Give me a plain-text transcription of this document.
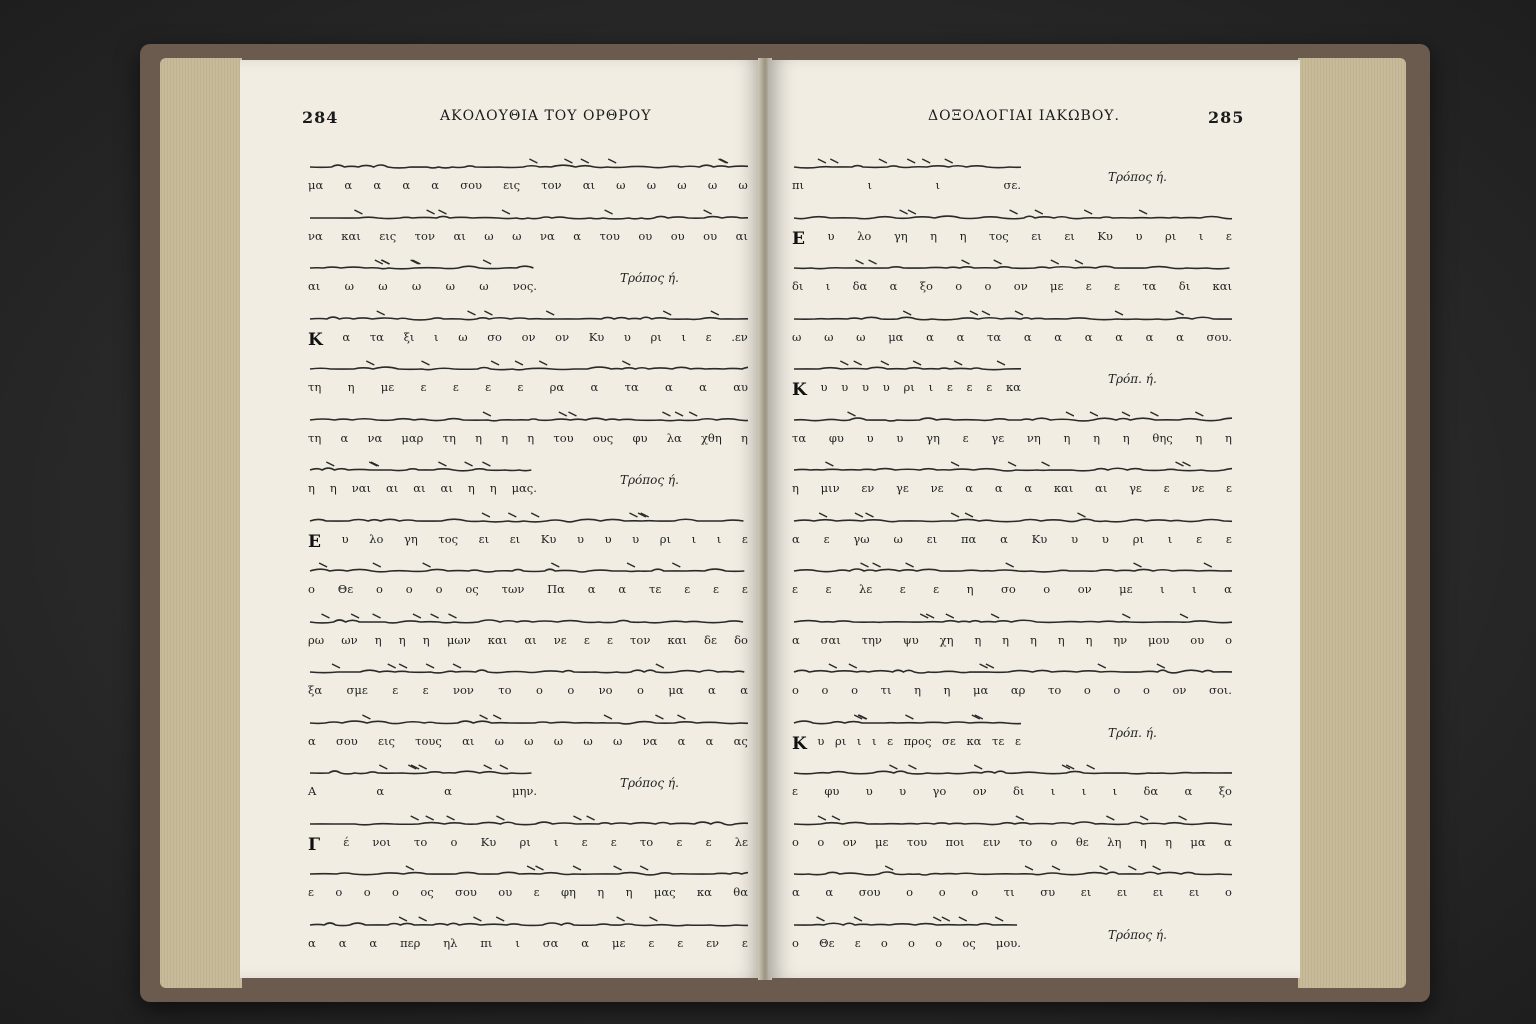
284	ΑΚΟΛΟΥΘΙΑ ΤΟΥ ΟΡΘΡΟΥ
μα α α α α σου εις τον αι ω ω ω ω ω
να και εις τον αι ω ω να α του ου ου ου αι
αι ω ω ω ω ω νος.
Τρόπος ή.
K α τα ξι ι ω σο ον ον Κυ υ ρι ι ε .εν
τη η με ε ε ε ε ρα α τα α α αυ
τη α να μαρ τη η η η του ους φυ λα χθη η
η η ναι αι αι αι η η μας.
Τρόπος ή.
E υ λο γη τος ει ει Κυ υ υ υ ρι ι ι ε
ο Θε ο ο ο ος των Πα α α τε ε ε ε
ρω ων η η η μων και αι νε ε ε τον και δε δο
ξα σμε ε ε νον το ο ο νο ο μα α α
α σου εις τους αι ω ω ω ω ω να α α ας
Α	α	α	μην.
Τρόπος ή.
Γ έ νοι το ο Κυ ρι ι ε ε το ε ε λε
ε ο ο ο ος σου ου ε φη η η μας κα θα
α α α περ ηλ πι ι σα α με ε ε εν ε
ΔΟΞΟΛΟΓΙΑΙ ΙΑΚΩΒΟΥ.	285
πι	ι	ι	σε.
Τρόπος ή.
E υ λο γη η η τος ει ει Κυ υ ρι ι ε
δι ι δα α ξο ο ο ον με ε ε τα δι και
ω ω ω μα α α τα α α α α α α σου.
K υ υ υ υ ρι ι ε ε ε κα
Τρόπ. ή.
τα φυ υ υ γη ε γε νη η η η θης η η
η μιν εν γε νε α α α και αι γε ε νε ε
α ε γω ω ει πα α Κυ υ υ ρι ι ε ε
ε ε λε ε ε η σο ο ον με ι ι α
α σαι την ψυ χη η η η η η ην μου ου ο
ο ο ο τι η η μα αρ το ο ο ο ον σοι.
K υ ρι ι ι ε προς σε κα τε ε
Τρόπ. ή.
ε φυ υ υ γο ον δι ι ι ι δα α ξο
ο ο ον με του ποι ειν το ο θε λη η η μα α
α α σου ο ο ο τι συ ει ει ει ει ο
ο Θε ε ο ο ο ος μου.
Τρόπος ή.
